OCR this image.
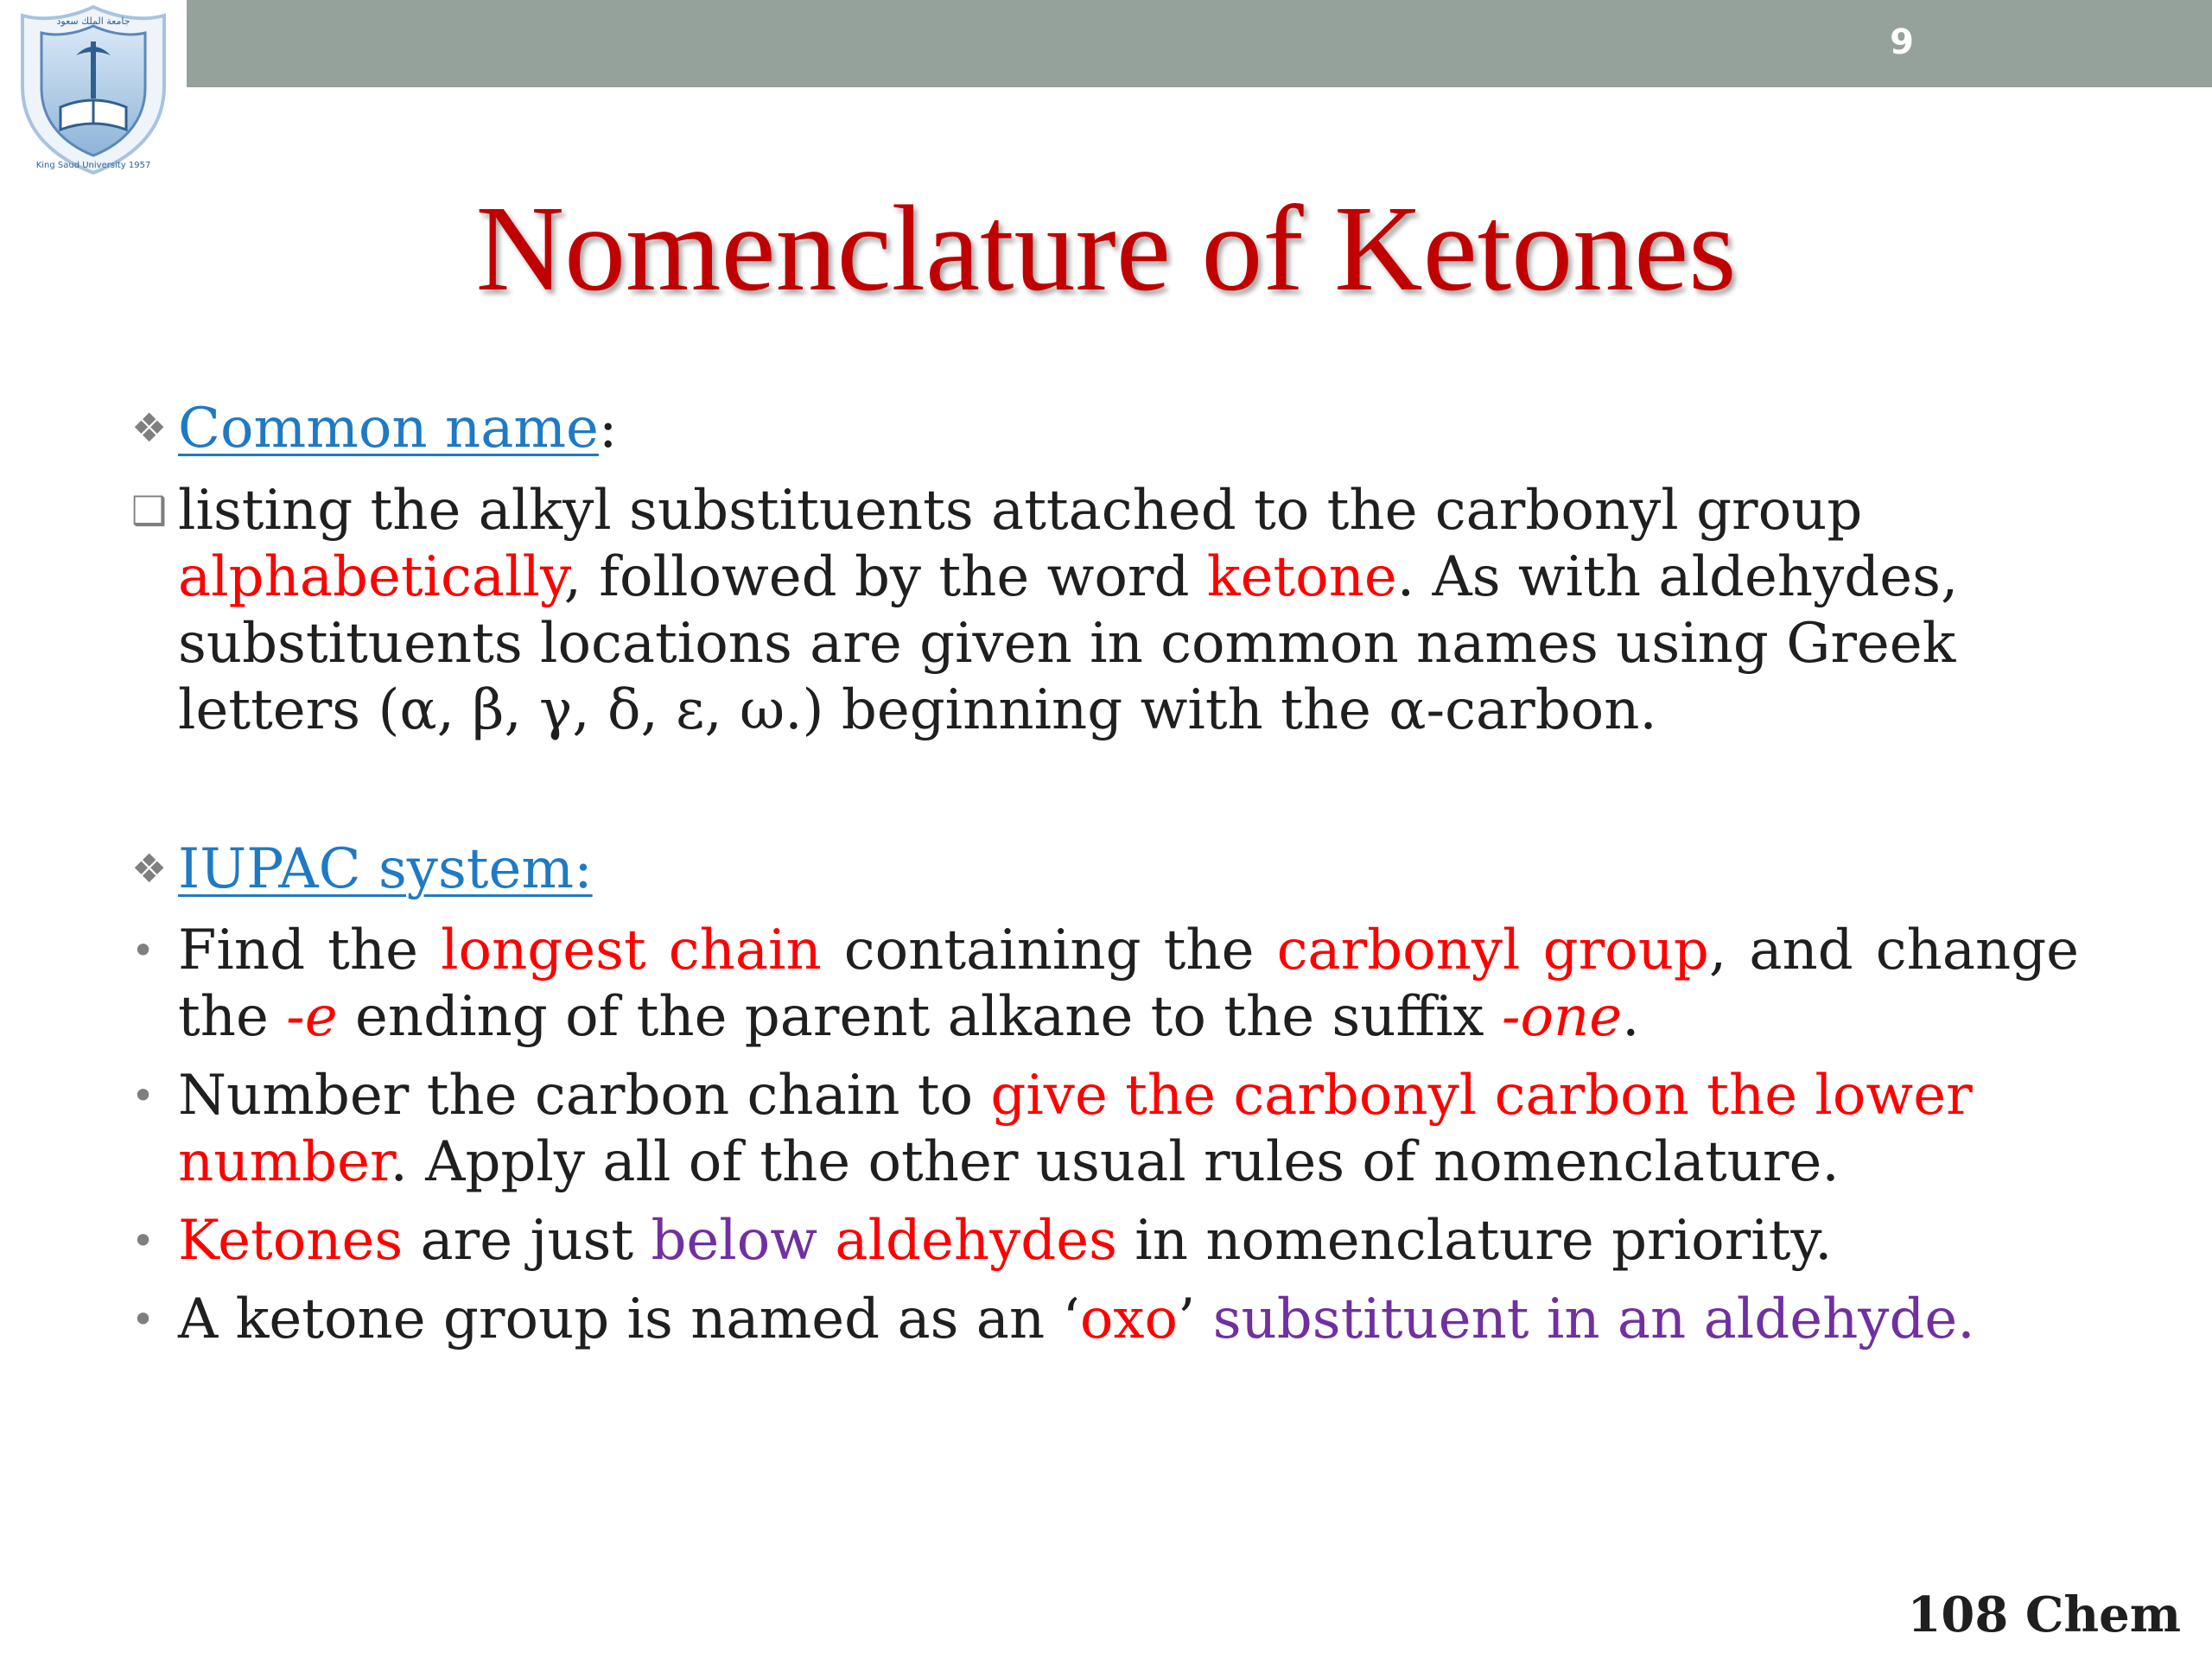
9
King Saud University 1957
جامعة الملك سعود
Nomenclature of Ketones
❖ Common name:
❑ listing the alkyl substituents attached to the carbonyl group alphabetically, followed by the word ketone. As with aldehydes, substituents locations are given in common names using Greek letters (α, β, γ, δ, ε, ω.) beginning with the α-carbon.
❖ IUPAC system:
• Find the longest chain containing the carbonyl group, and change the -e ending of the parent alkane to the suffix -one.
• Number the carbon chain to give the carbonyl carbon the lower number. Apply all of the other usual rules of nomenclature.
• Ketones are just below aldehydes in nomenclature priority.
• A ketone group is named as an ‘oxo’ substituent in an aldehyde.
108 Chem
